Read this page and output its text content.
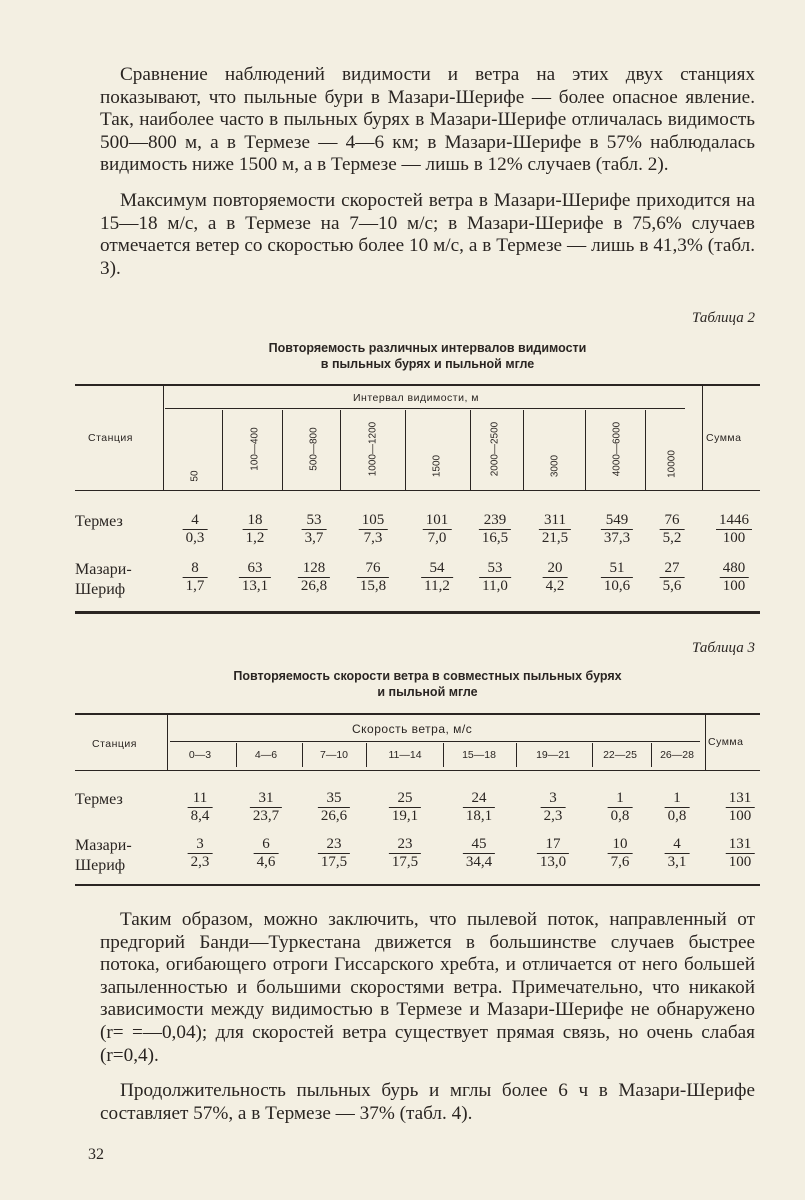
Сравнение наблюдений видимости и ветра на этих двух станциях показывают, что пыльные бури в Мазари-Шерифе — более опасное явление. Так, наиболее часто в пыльных бурях в Мазари-Шерифе отличалась видимость 500—800 м, а в Термезе — 4—6 км; в Мазари-Шерифе в 57% наблюдалась видимость ниже 1500 м, а в Термезе — лишь в 12% случаев (табл. 2).

Максимум повторяемости скоростей ветра в Мазари-Шерифе приходится на 15—18 м/с, а в Термезе на 7—10 м/с; в Мазари-Шерифе в 75,6% случаев отмечается ветер со скоростью более 10 м/с, а в Термезе — лишь в 41,3% (табл. 3).

Таблица 2
Повторяемость различных интервалов видимости
в пыльных бурях и пыльной мгле
Станция
Интервал видимости, м
Сумма
50
100—400	500—800	1000—1200	1500	2000—2500	3000	4000—6000	10000
Термез	$\frac{4}{0,3} \frac{18}{1,2} \frac{53}{3,7} \frac{105}{7,3} \frac{101}{7,0} \frac{239}{16,5} \frac{311}{21,5} \frac{549}{37,3} \frac{76}{5,2} \frac{1446}{100}$
Мазари-
Шериф	$\frac{8}{1,7} \frac{63}{13,1} \frac{128}{26,8} \frac{76}{15,8} \frac{54}{11,2} \frac{53}{11,0} \frac{20}{4,2} \frac{51}{10,6} \frac{27}{5,6} \frac{480}{100}$
Таблица 3
Повторяемость скорости ветра в совместных пыльных бурях
и пыльной мгле
Станция
Скорость ветра, м/с
Сумма
0—3	4—6	7—10	11—14	15—18	19—21	22—25 26—28
Термез	$\frac{11}{8,4}$	$\frac{31}{23,7} \frac{35}{26,6}$	$\frac{25}{19,1}$	$\frac{24}{18,1}$	$\frac{3}{2,3}$	$\frac{1}{0,8} \frac{1}{0,8} \frac{131}{100}$
Мазари-
Шериф	$\frac{3}{2,3}$	$\frac{6}{4,6}$	$\frac{23}{17,5}$	$\frac{23}{17,5}$	$\frac{45}{34,4}$	$\frac{17}{13,0}$	$\frac{10}{7,6} \frac{4}{3,1} \frac{131}{100}$

Таким образом, можно заключить, что пылевой поток, направленный от предгорий Банди—Туркестана движется в большинстве случаев быстрее потока, огибающего отроги Гиссарского хребта, и отличается от него большей запыленностью и большими скоростями ветра. Примечательно, что никакой зависимости между видимостью в Термезе и Мазари-Шерифе не обнаружено (r= =—0,04); для скоростей ветра существует прямая связь, но очень слабая (r=0,4).

Продолжительность пыльных бурь и мглы более 6 ч в Мазари-Шерифе составляет 57%, а в Термезе — 37% (табл. 4).

32
